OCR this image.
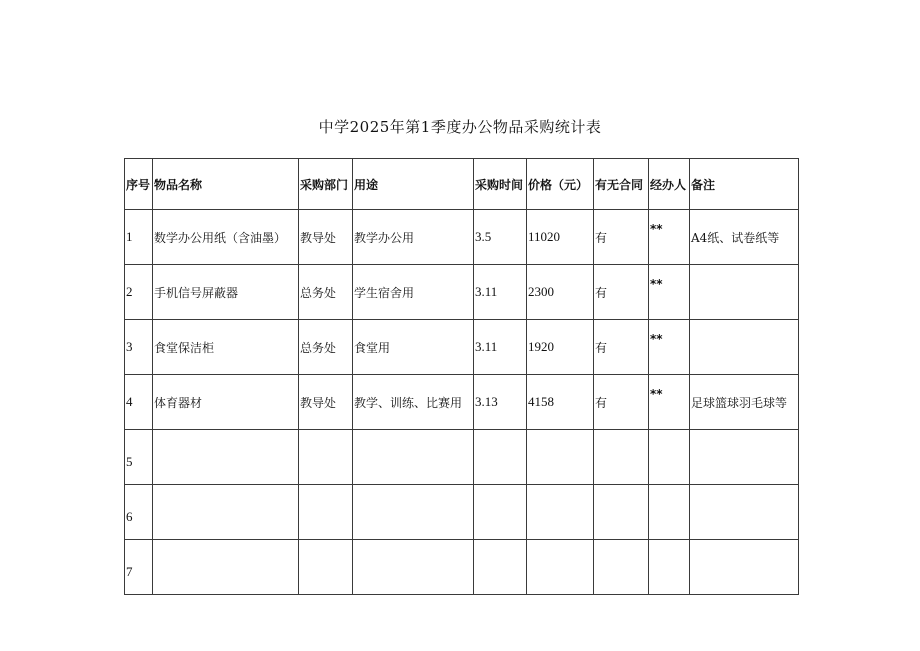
中学2025年第1季度办公物品采购统计表
序号	物品名称	采购部门	用途	采购时间	价格（元）	有无合同	经办人	备注
1	数学办公用纸（含油墨）	教导处	教学办公用	3.5	11020	有	**	A4纸、试卷纸等
2	手机信号屏蔽器	总务处	学生宿舍用	3.11	2300	有	**	
3	食堂保洁柜	总务处	食堂用	3.11	1920	有	**	
4	体育器材	教导处	教学、训练、比赛用	3.13	4158	有	**	足球篮球羽毛球等
5								
6								
7								
